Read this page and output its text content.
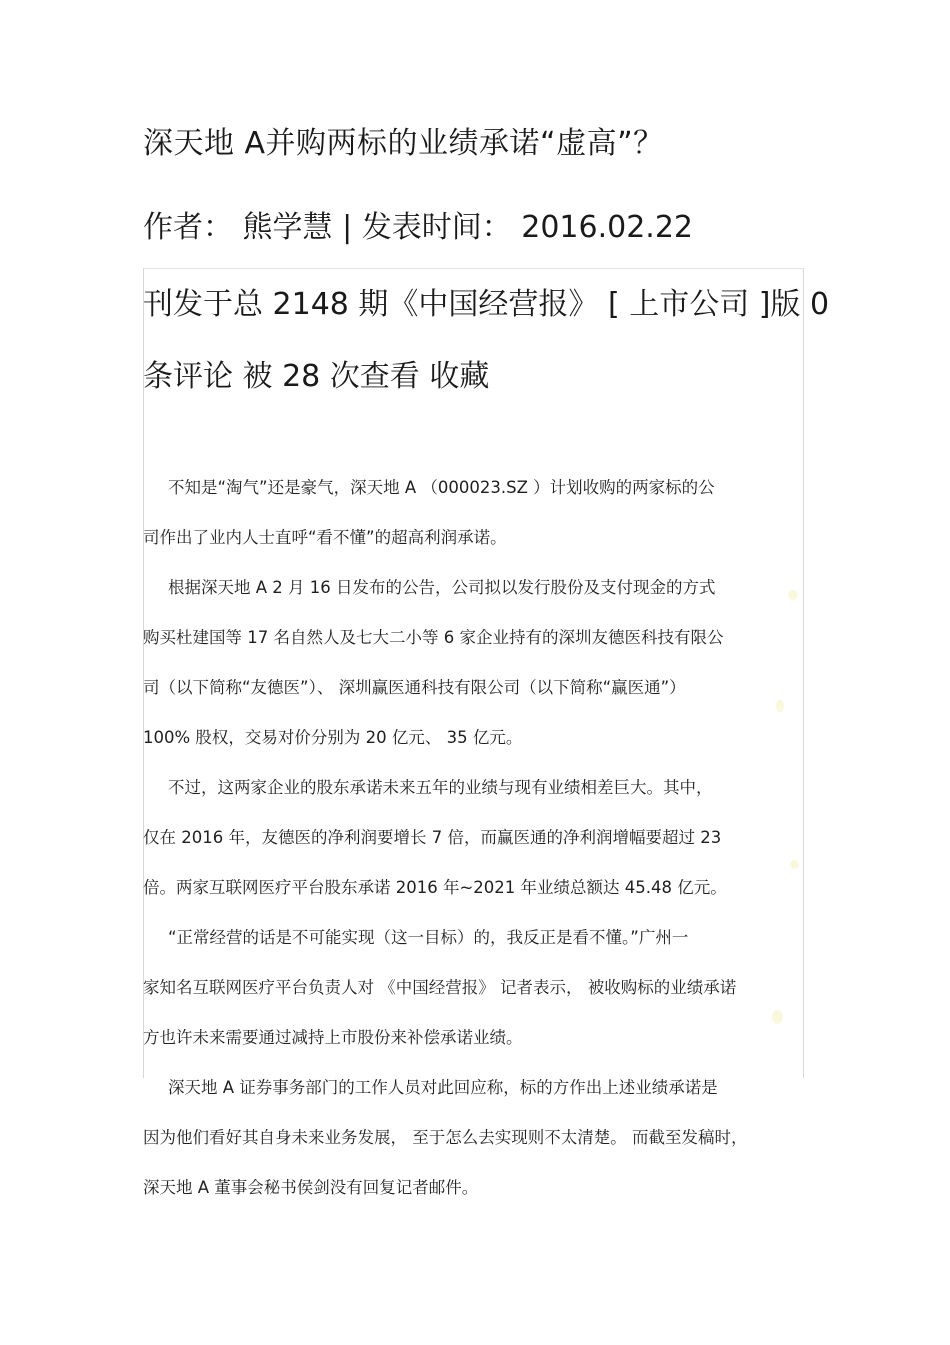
深天地 A并购两标的业绩承诺“虚高”？
作者： 熊学慧 | 发表时间： 2016.02.22
刊发于总 2148 期《中国经营报》 [ 上市公司 ]版 0
条评论 被 28 次查看 收藏
不知是“淘气”还是豪气，深天地 A （000023.SZ ）计划收购的两家标的公
司作出了业内人士直呼“看不懂”的超高利润承诺。
根据深天地 A 2 月 16 日发布的公告，公司拟以发行股份及支付现金的方式
购买杜建国等 17 名自然人及七大二小等 6 家企业持有的深圳友德医科技有限公
司（以下简称“友德医”）、 深圳赢医通科技有限公司（以下简称“赢医通”）
100% 股权，交易对价分别为 20 亿元、 35 亿元。
不过，这两家企业的股东承诺未来五年的业绩与现有业绩相差巨大。其中，
仅在 2016 年，友德医的净利润要增长 7 倍，而赢医通的净利润增幅要超过 23
倍。两家互联网医疗平台股东承诺 2016 年~2021 年业绩总额达 45.48 亿元。
“正常经营的话是不可能实现（这一目标）的，我反正是看不懂。”广州一
家知名互联网医疗平台负责人对 《中国经营报》 记者表示， 被收购标的业绩承诺
方也许未来需要通过减持上市股份来补偿承诺业绩。
深天地 A 证券事务部门的工作人员对此回应称，标的方作出上述业绩承诺是
因为他们看好其自身未来业务发展， 至于怎么去实现则不太清楚。 而截至发稿时，
深天地 A 董事会秘书侯剑没有回复记者邮件。
